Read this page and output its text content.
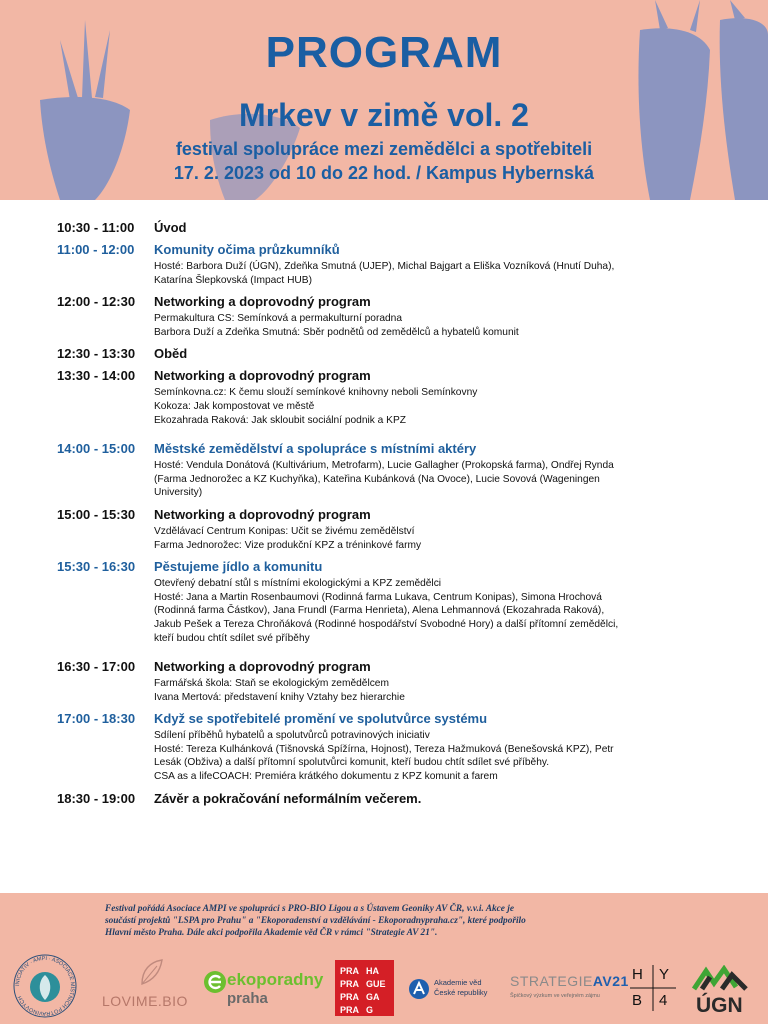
PROGRAM
Mrkev v zimě vol. 2
festival spolupráce mezi zemědělci a spotřebiteli
17. 2. 2023 od 10 do 22 hod. / Kampus Hybernská
10:30 - 11:00	Úvod
11:00 - 12:00	Komunity očima průzkumníků
Hosté: Barbora Duží (ÚGN), Zdeňka Smutná (UJEP), Michal Bajgart a Eliška Vozníková (Hnutí Duha),
Katarína Šlepkovská (Impact HUB)
12:00 - 12:30	Networking a doprovodný program
Permakultura CS: Semínková a permakulturní poradna
Barbora Duží a Zdeňka Smutná: Sběr podnětů od zemědělců a hybatelů komunit
12:30 - 13:30	Oběd
13:30 - 14:00	Networking a doprovodný program
Semínkovna.cz: K čemu slouží semínkové knihovny neboli Semínkovny
Kokoza: Jak kompostovat ve městě
Ekozahrada Raková: Jak skloubit sociální podnik a KPZ
14:00 - 15:00	Městské zemědělství a spolupráce s místními aktéry
Hosté: Vendula Donátová (Kultivárium, Metrofarm), Lucie Gallagher (Prokopská farma), Ondřej Rynda
(Farma Jednorožec a KZ Kuchyňka), Kateřina Kubánková (Na Ovoce), Lucie Sovová (Wageningen
University)
15:00 - 15:30	Networking a doprovodný program
Vzdělávací Centrum Konipas: Učit se živému zemědělství
Farma Jednorožec: Vize produkční KPZ a tréninkové farmy
15:30 - 16:30	Pěstujeme jídlo a komunitu
Otevřený debatní stůl s místními ekologickými a KPZ zemědělci
Hosté: Jana a Martin Rosenbaumovi (Rodinná farma Lukava, Centrum Konipas), Simona Hrochová
(Rodinná farma Částkov), Jana Frundl (Farma Henrieta), Alena Lehmannová (Ekozahrada Raková),
Jakub Pešek a Tereza Chroňáková (Rodinné hospodářství Svobodné Hory) a další přítomní zemědělci,
kteří budou chtít sdílet své příběhy
16:30 - 17:00	Networking a doprovodný program
Farmářská škola: Staň se ekologickým zemědělcem
Ivana Mertová: představení knihy Vztahy bez hierarchie
17:00 - 18:30	Když se spotřebitelé promění ve spolutvůrce systému
Sdílení příběhů hybatelů a spolutvůrců potravinových iniciativ
Hosté: Tereza Kulhánková (Tišnovská Spížírna, Hojnost), Tereza Hažmuková (Benešovská KPZ), Petr
Lesák (Obživa) a další přítomní spolutvůrci komunit, kteří budou chtít sdílet své příběhy.
CSA as a lifeCOACH: Premiéra krátkého dokumentu z KPZ komunit a farem
18:30 - 19:00	Závěr a pokračování neformálním večerem.
Festival pořádá Asociace AMPI ve spolupráci s PRO-BIO Ligou a s Ústavem Geoniky AV ČR, v.v.i. Akce je
součástí projektů "LSPA pro Prahu" a "Ekoporadenství a vzdělávání - Ekoporadnypraha.cz", které podpořilo
Hlavní město Praha. Dále akci podpořila Akademie věd ČR v rámci "Strategie AV 21".
INICIATIV · AMPI · ASOCIACE MÍSTNÍCH POTRAVINOVÝCH	LOVIME.BIO
ekoporadny
praha
PRA HA
PRA GUE
PRA GA
PRA G
Akademie věd
České republiky
STRATEGIEAV21
Špičkový výzkum ve veřejném zájmu
H Y
B 4 ÚGN
